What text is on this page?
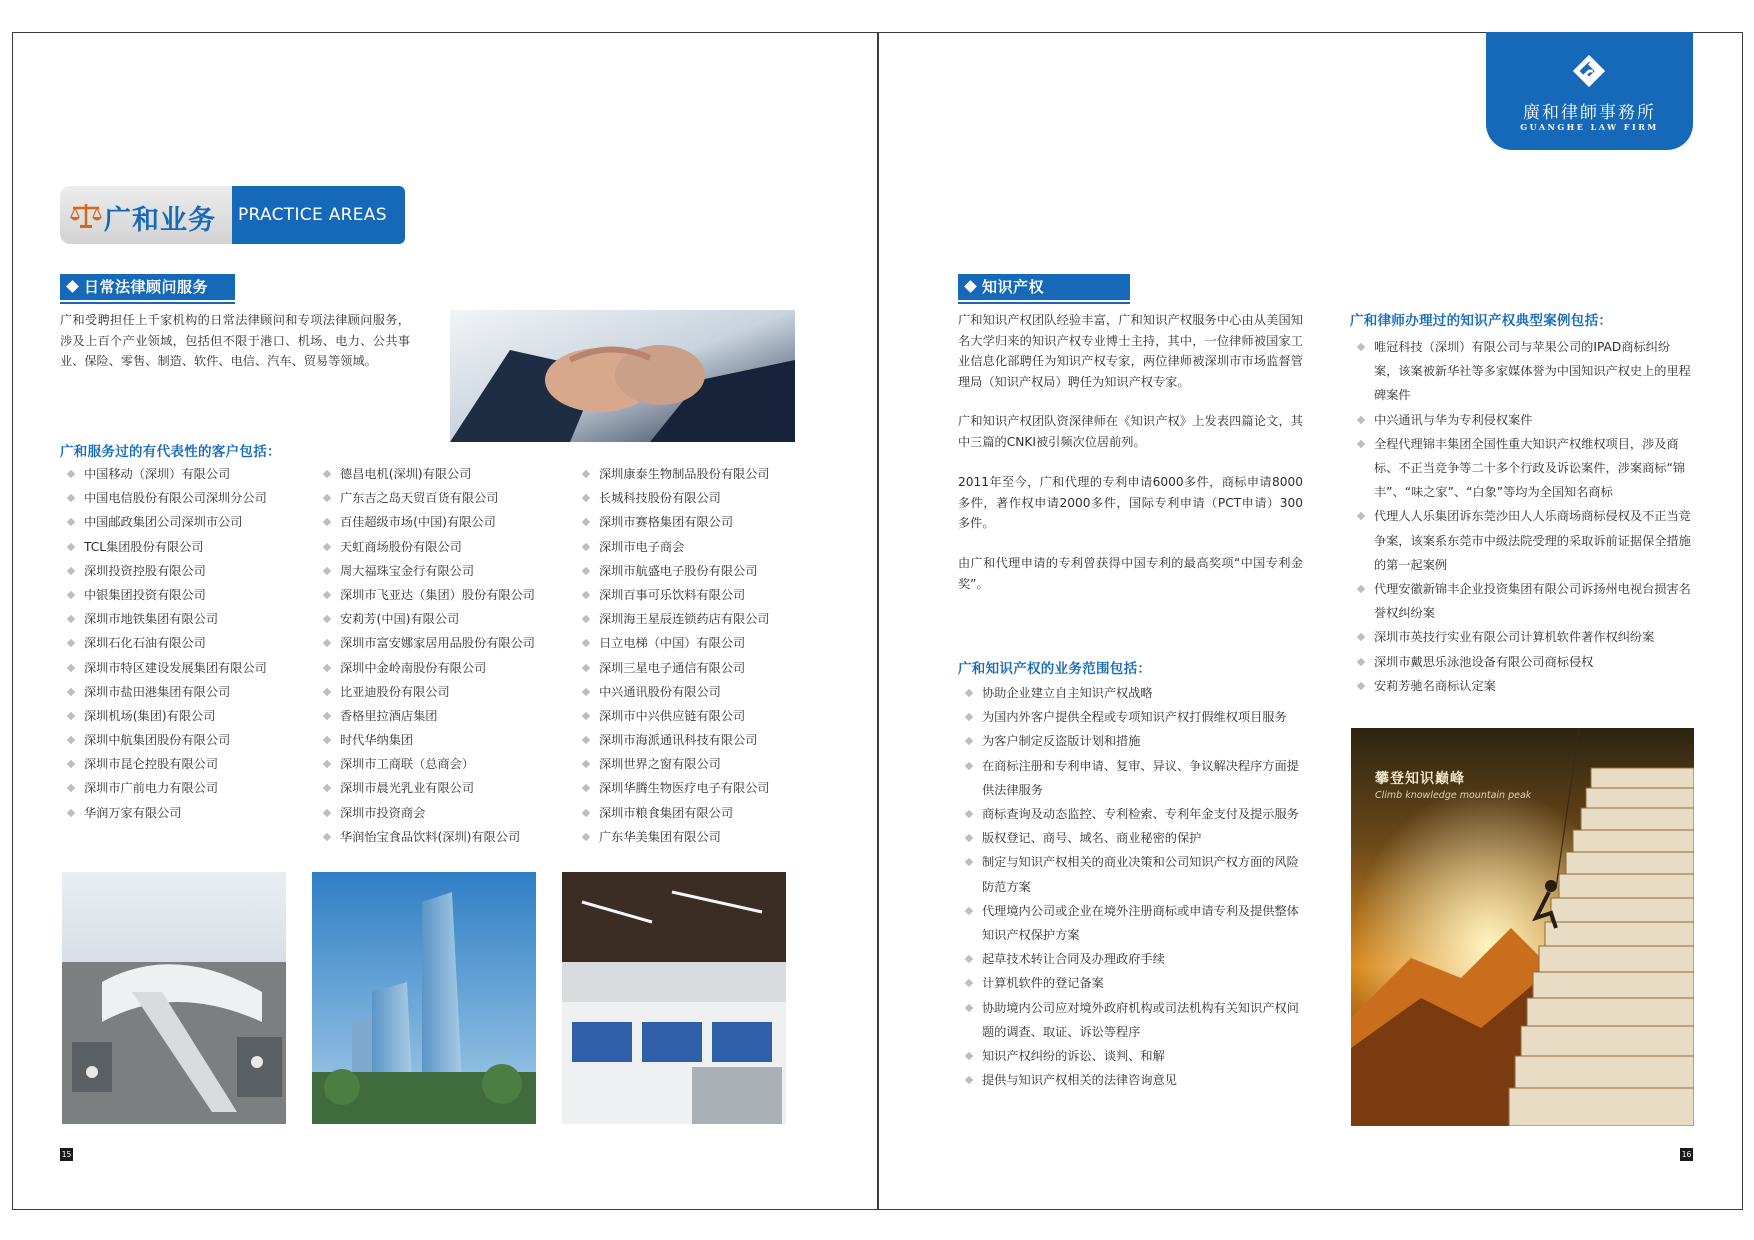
廣和律師事務所
GUANGHE LAW FIRM
广和业务	PRACTICE AREAS
日常法律顾问服务
广和受聘担任上千家机构的日常法律顾问和专项法律顾问服务，涉及上百个产业领域，包括但不限于港口、机场、电力、公共事业、保险、零售、制造、软件、电信、汽车、贸易等领域。
广和服务过的有代表性的客户包括：
中国移动（深圳）有限公司
中国电信股份有限公司深圳分公司
中国邮政集团公司深圳市公司
TCL集团股份有限公司
深圳投资控股有限公司
中银集团投资有限公司
深圳市地铁集团有限公司
深圳石化石油有限公司
深圳市特区建设发展集团有限公司
深圳市盐田港集团有限公司
深圳机场(集团)有限公司
深圳中航集团股份有限公司
深圳市昆仑控股有限公司
深圳市广前电力有限公司
华润万家有限公司
德昌电机(深圳)有限公司
广东吉之岛天贸百货有限公司
百佳超级市场(中国)有限公司
天虹商场股份有限公司
周大福珠宝金行有限公司
深圳市飞亚达（集团）股份有限公司
安莉芳(中国)有限公司
深圳市富安娜家居用品股份有限公司
深圳中金岭南股份有限公司
比亚迪股份有限公司
香格里拉酒店集团
时代华纳集团
深圳市工商联（总商会）
深圳市晨光乳业有限公司
深圳市投资商会
华润怡宝食品饮料(深圳)有限公司
深圳康泰生物制品股份有限公司
长城科技股份有限公司
深圳市赛格集团有限公司
深圳市电子商会
深圳市航盛电子股份有限公司
深圳百事可乐饮料有限公司
深圳海王星辰连锁药店有限公司
日立电梯（中国）有限公司
深圳三星电子通信有限公司
中兴通讯股份有限公司
深圳市中兴供应链有限公司
深圳市海派通讯科技有限公司
深圳世界之窗有限公司
深圳华腾生物医疗电子有限公司
深圳市粮食集团有限公司
广东华美集团有限公司
15
知识产权
广和知识产权团队经验丰富，广和知识产权服务中心由从美国知名大学归来的知识产权专业博士主持，其中，一位律师被国家工业信息化部聘任为知识产权专家，两位律师被深圳市市场监督管理局（知识产权局）聘任为知识产权专家。
广和知识产权团队资深律师在《知识产权》上发表四篇论文，其中三篇的CNKI被引频次位居前列。
2011年至今，广和代理的专利申请6000多件，商标申请8000多件，著作权申请2000多件，国际专利申请（PCT申请）300多件。
由广和代理申请的专利曾获得中国专利的最高奖项“中国专利金奖”。
广和知识产权的业务范围包括：
协助企业建立自主知识产权战略
为国内外客户提供全程或专项知识产权打假维权项目服务
为客户制定反盗版计划和措施
在商标注册和专利申请、复审、异议、争议解决程序方面提供法律服务
商标查询及动态监控、专利检索、专利年金支付及提示服务
版权登记、商号、域名、商业秘密的保护
制定与知识产权相关的商业决策和公司知识产权方面的风险防范方案
代理境内公司或企业在境外注册商标或申请专利及提供整体知识产权保护方案
起草技术转让合同及办理政府手续
计算机软件的登记备案
协助境内公司应对境外政府机构或司法机构有关知识产权问题的调查、取证、诉讼等程序
知识产权纠纷的诉讼、谈判、和解
提供与知识产权相关的法律咨询意见
广和律师办理过的知识产权典型案例包括：
唯冠科技（深圳）有限公司与苹果公司的IPAD商标纠纷案，该案被新华社等多家媒体誉为中国知识产权史上的里程碑案件
中兴通讯与华为专利侵权案件
全程代理锦丰集团全国性重大知识产权维权项目，涉及商标、不正当竞争等二十多个行政及诉讼案件，涉案商标“锦丰”、“味之家”、“白象”等均为全国知名商标
代理人人乐集团诉东莞沙田人人乐商场商标侵权及不正当竞争案，该案系东莞市中级法院受理的采取诉前证据保全措施的第一起案例
代理安徽新锦丰企业投资集团有限公司诉扬州电视台损害名誉权纠纷案
深圳市英技行实业有限公司计算机软件著作权纠纷案
深圳市戴思乐泳池设备有限公司商标侵权
安莉芳驰名商标认定案
攀登知识巅峰
Climb knowledge mountain peak
16
